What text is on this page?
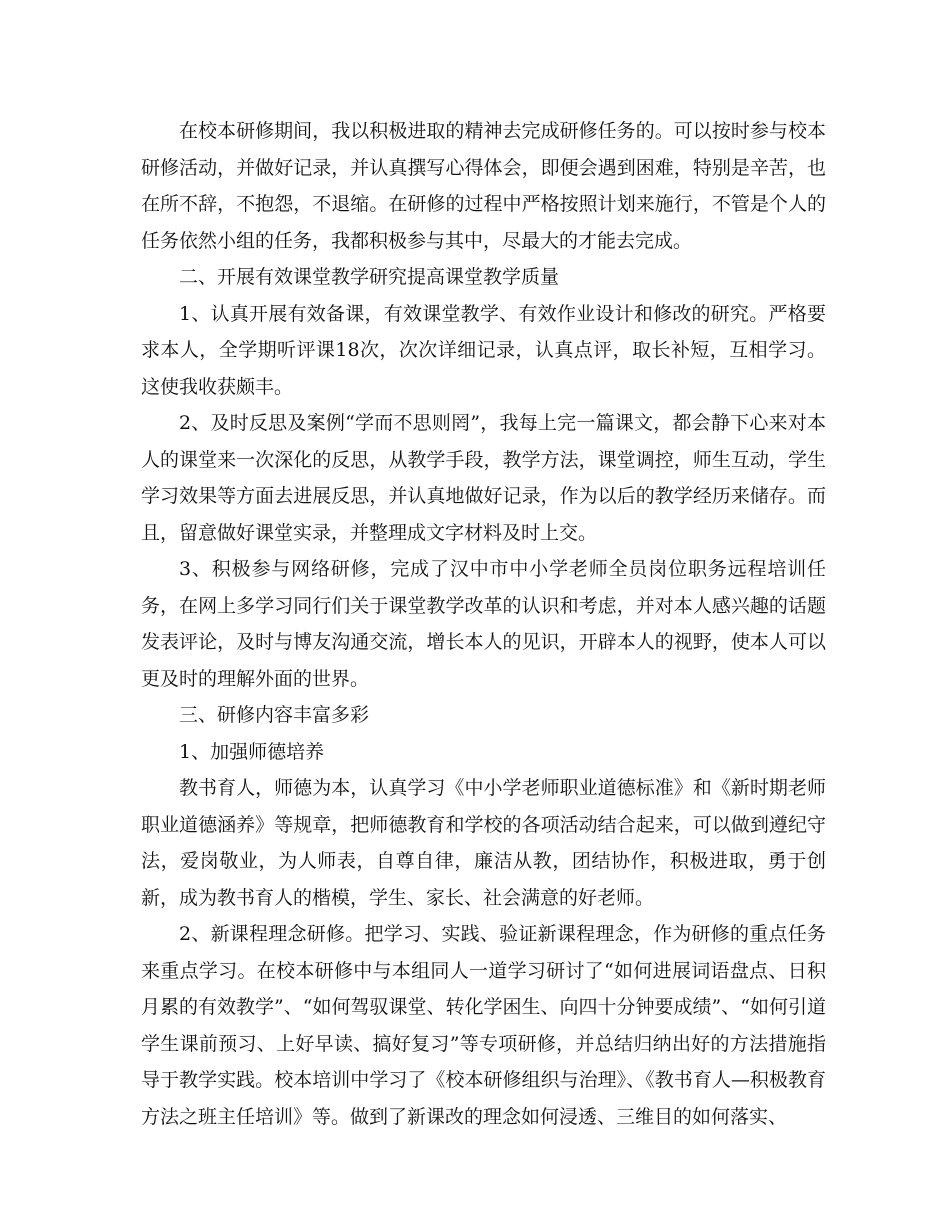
在校本研修期间，我以积极进取的精神去完成研修任务的。可以按时参与校本研修活动，并做好记录，并认真撰写心得体会，即便会遇到困难，特别是辛苦，也在所不辞，不抱怨，不退缩。在研修的过程中严格按照计划来施行，不管是个人的任务依然小组的任务，我都积极参与其中，尽最大的才能去完成。

二、开展有效课堂教学研究提高课堂教学质量

1、认真开展有效备课，有效课堂教学、有效作业设计和修改的研究。严格要求本人，全学期听评课18次，次次详细记录，认真点评，取长补短，互相学习。这使我收获颇丰。

2、及时反思及案例“学而不思则罔”，我每上完一篇课文，都会静下心来对本人的课堂来一次深化的反思，从教学手段，教学方法，课堂调控，师生互动，学生学习效果等方面去进展反思，并认真地做好记录，作为以后的教学经历来储存。而且，留意做好课堂实录，并整理成文字材料及时上交。

3、积极参与网络研修，完成了汉中市中小学老师全员岗位职务远程培训任务，在网上多学习同行们关于课堂教学改革的认识和考虑，并对本人感兴趣的话题发表评论，及时与博友沟通交流，增长本人的见识，开辟本人的视野，使本人可以更及时的理解外面的世界。

三、研修内容丰富多彩

1、加强师德培养

教书育人，师德为本，认真学习《中小学老师职业道德标准》和《新时期老师职业道德涵养》等规章，把师德教育和学校的各项活动结合起来，可以做到遵纪守法，爱岗敬业，为人师表，自尊自律，廉洁从教，团结协作，积极进取，勇于创新，成为教书育人的楷模，学生、家长、社会满意的好老师。

2、新课程理念研修。把学习、实践、验证新课程理念，作为研修的重点任务来重点学习。在校本研修中与本组同人一道学习研讨了“如何进展词语盘点、日积月累的有效教学”、“如何驾驭课堂、转化学困生、向四十分钟要成绩”、“如何引道学生课前预习、上好早读、搞好复习”等专项研修，并总结归纳出好的方法措施指导于教学实践。校本培训中学习了《校本研修组织与治理》、《教书育人—积极教育方法之班主任培训》等。做到了新课改的理念如何浸透、三维目的如何落实、
